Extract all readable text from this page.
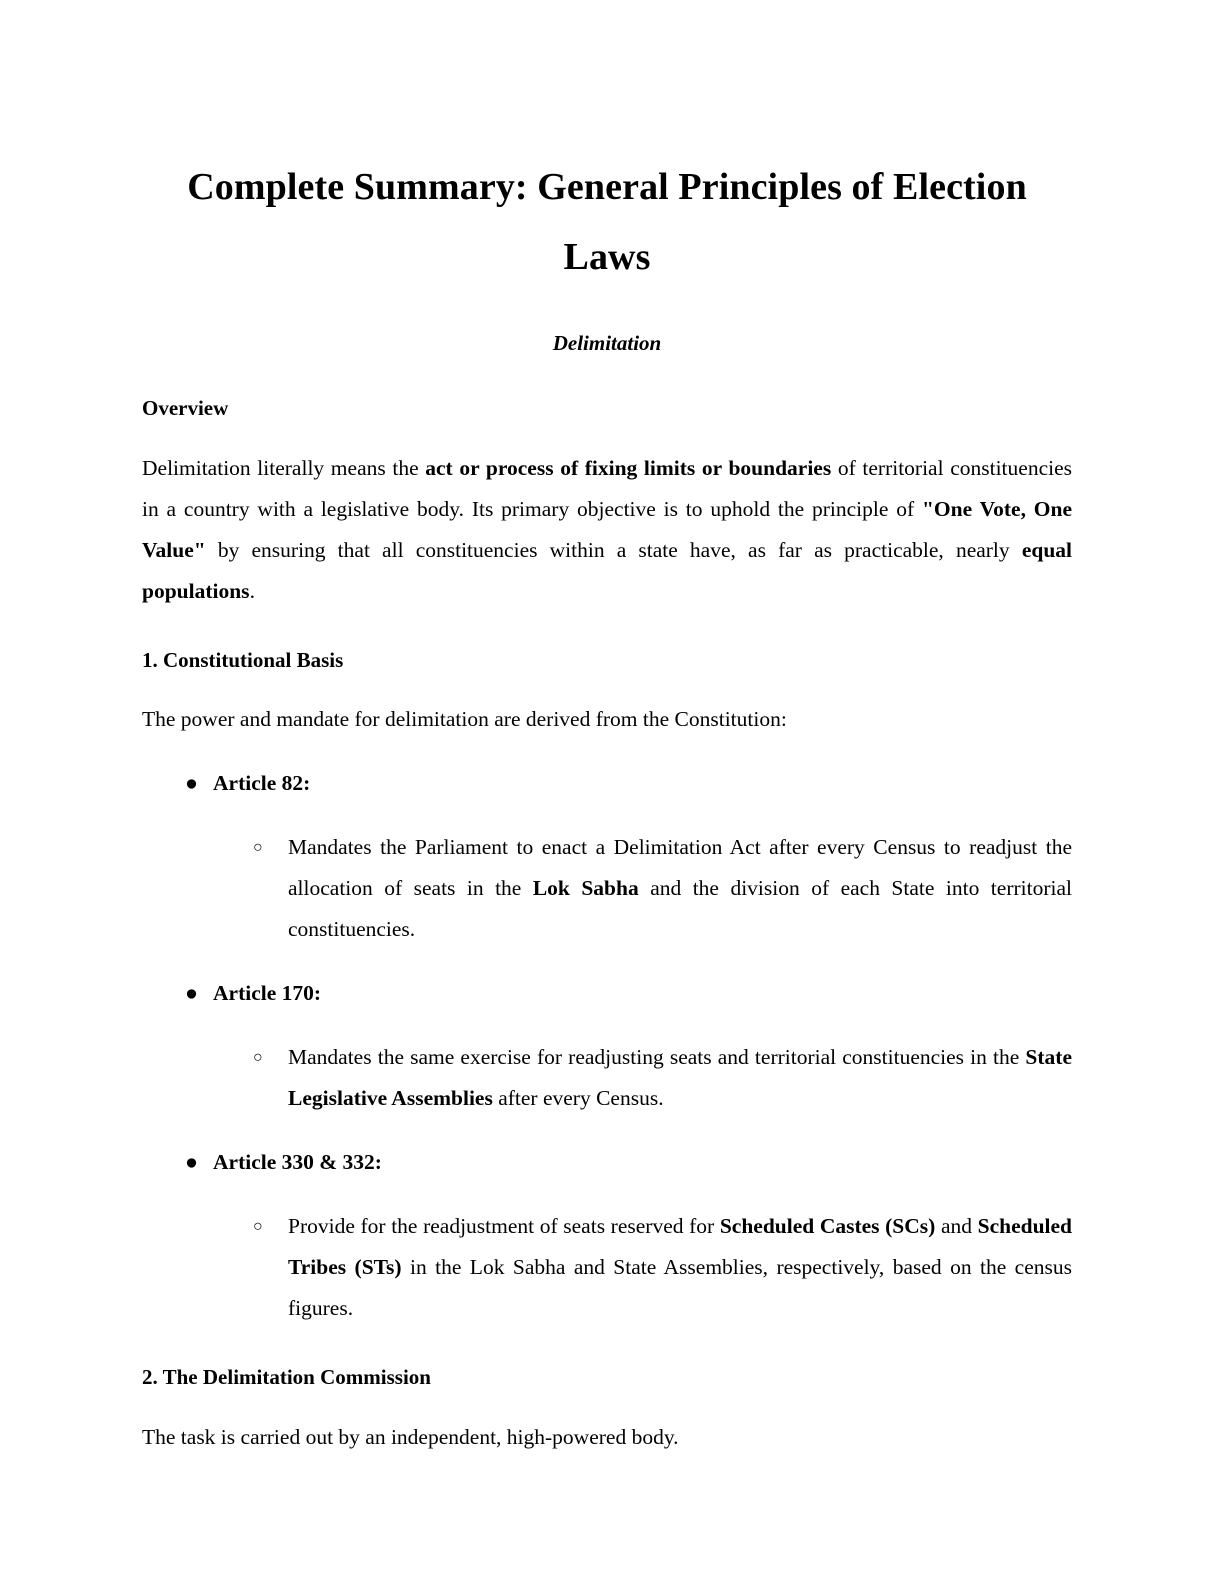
Complete Summary: General Principles of Election Laws
Delimitation
Overview

Delimitation literally means the act or process of fixing limits or boundaries of territorial constituencies in a country with a legislative body. Its primary objective is to uphold the principle of "One Vote, One Value" by ensuring that all constituencies within a state have, as far as practicable, nearly equal populations.

1. Constitutional Basis

The power and mandate for delimitation are derived from the Constitution:

● Article 82:
○ Mandates the Parliament to enact a Delimitation Act after every Census to readjust the allocation of seats in the Lok Sabha and the division of each State into territorial constituencies.
● Article 170:
○ Mandates the same exercise for readjusting seats and territorial constituencies in the State Legislative Assemblies after every Census.
● Article 330 & 332:
○ Provide for the readjustment of seats reserved for Scheduled Castes (SCs) and Scheduled Tribes (STs) in the Lok Sabha and State Assemblies, respectively, based on the census figures.
2. The Delimitation Commission

The task is carried out by an independent, high-powered body.
